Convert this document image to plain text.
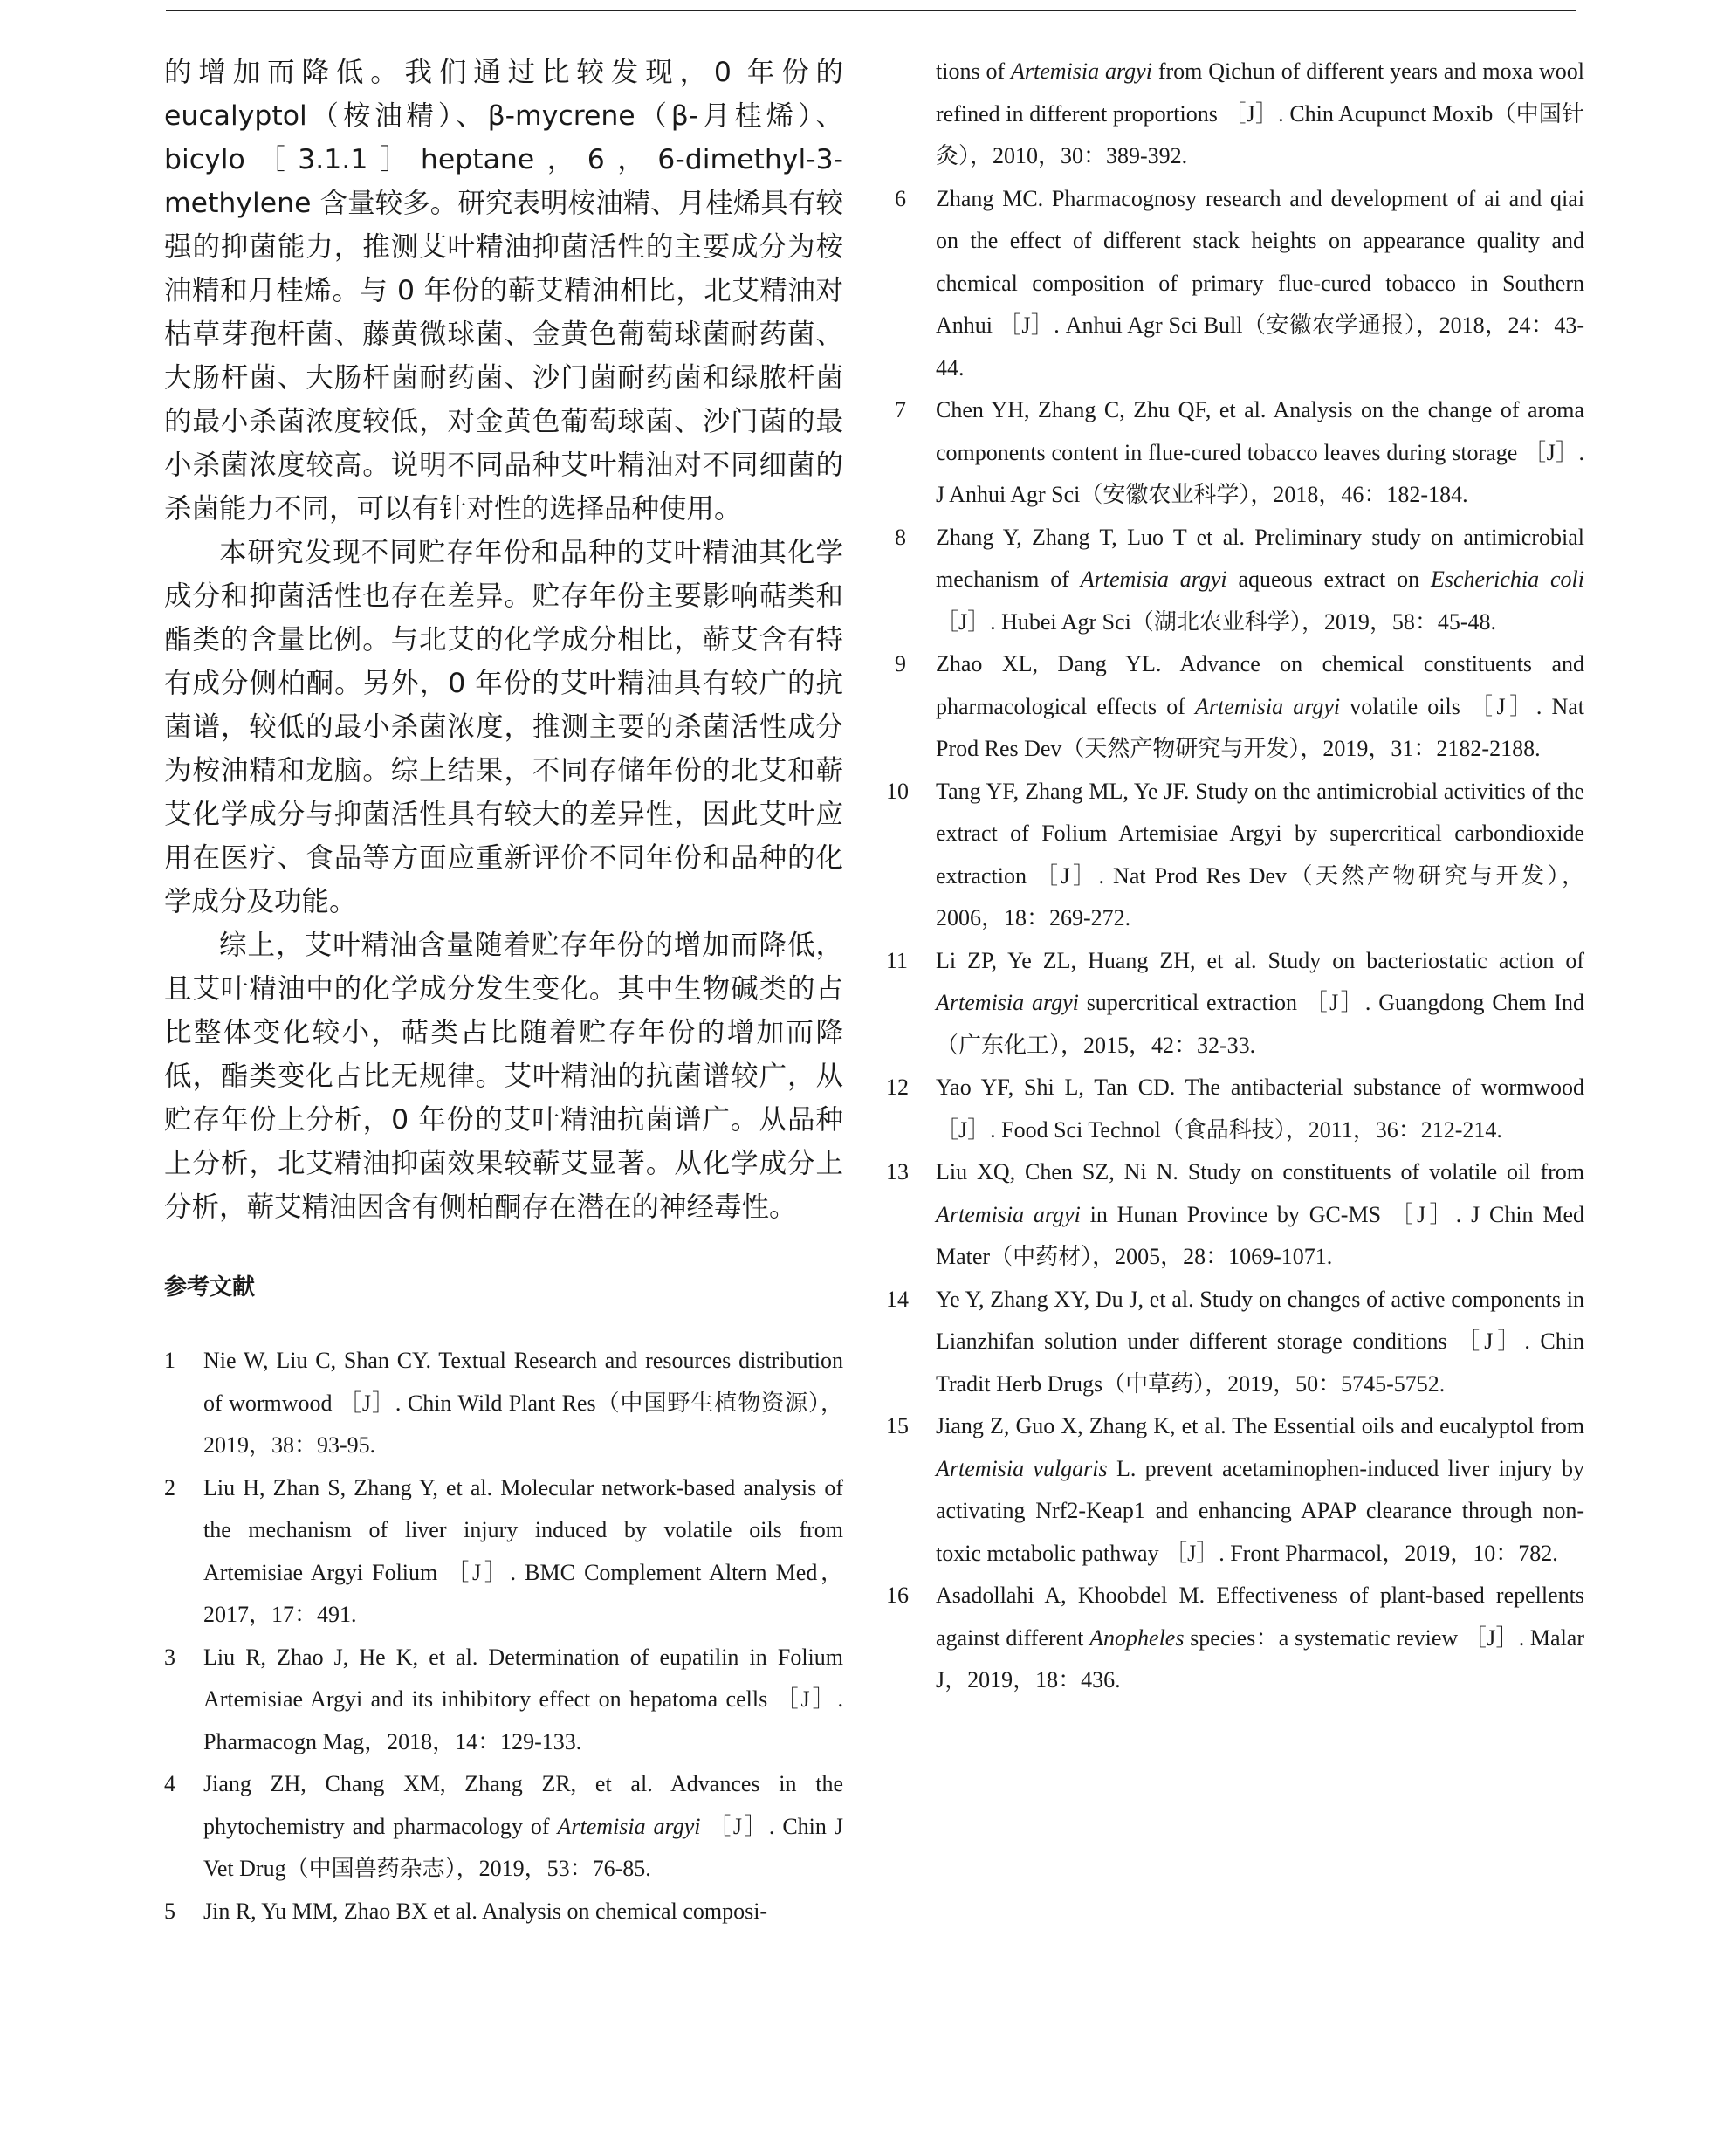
的增加而降低。我们通过比较发现，0 年份的 eucalyptol（桉油精）、β-mycrene（β-月桂烯）、bicylo［3.1.1］heptane，6，6-dimethyl-3-methylene 含量较多。研究表明桉油精、月桂烯具有较强的抑菌能力，推测艾叶精油抑菌活性的主要成分为桉油精和月桂烯。与 0 年份的蕲艾精油相比，北艾精油对枯草芽孢杆菌、藤黄微球菌、金黄色葡萄球菌耐药菌、大肠杆菌、大肠杆菌耐药菌、沙门菌耐药菌和绿脓杆菌的最小杀菌浓度较低，对金黄色葡萄球菌、沙门菌的最小杀菌浓度较高。说明不同品种艾叶精油对不同细菌的杀菌能力不同，可以有针对性的选择品种使用。

本研究发现不同贮存年份和品种的艾叶精油其化学成分和抑菌活性也存在差异。贮存年份主要影响萜类和酯类的含量比例。与北艾的化学成分相比，蕲艾含有特有成分侧柏酮。另外，0 年份的艾叶精油具有较广的抗菌谱，较低的最小杀菌浓度，推测主要的杀菌活性成分为桉油精和龙脑。综上结果，不同存储年份的北艾和蕲艾化学成分与抑菌活性具有较大的差异性，因此艾叶应用在医疗、食品等方面应重新评价不同年份和品种的化学成分及功能。

综上，艾叶精油含量随着贮存年份的增加而降低，且艾叶精油中的化学成分发生变化。其中生物碱类的占比整体变化较小，萜类占比随着贮存年份的增加而降低，酯类变化占比无规律。艾叶精油的抗菌谱较广，从贮存年份上分析，0 年份的艾叶精油抗菌谱广。从品种上分析，北艾精油抑菌效果较蕲艾显著。从化学成分上分析，蕲艾精油因含有侧柏酮存在潜在的神经毒性。

参考文献
1 Nie W, Liu C, Shan CY. Textual Research and resources distribution of wormwood ［J］. Chin Wild Plant Res（中国野生植物资源），2019，38：93-95.
2 Liu H, Zhan S, Zhang Y, et al. Molecular network-based analysis of the mechanism of liver injury induced by volatile oils from Artemisiae Argyi Folium ［J］. BMC Complement Altern Med，2017，17：491.
3 Liu R, Zhao J, He K, et al. Determination of eupatilin in Folium Artemisiae Argyi and its inhibitory effect on hepatoma cells ［J］. Pharmacogn Mag，2018，14：129-133.
4 Jiang ZH, Chang XM, Zhang ZR, et al. Advances in the phytochemistry and pharmacology of Artemisia argyi ［J］. Chin J Vet Drug（中国兽药杂志），2019，53：76-85.
5 Jin R, Yu MM, Zhao BX et al. Analysis on chemical composi-
tions of Artemisia argyi from Qichun of different years and moxa wool refined in different proportions ［J］. Chin Acupunct Moxib（中国针灸），2010，30：389-392.
6 Zhang MC. Pharmacognosy research and development of ai and qiai on the effect of different stack heights on appearance quality and chemical composition of primary flue-cured tobacco in Southern Anhui ［J］. Anhui Agr Sci Bull（安徽农学通报），2018，24：43-44.
7 Chen YH, Zhang C, Zhu QF, et al. Analysis on the change of aroma components content in flue-cured tobacco leaves during storage ［J］. J Anhui Agr Sci（安徽农业科学），2018，46：182-184.
8 Zhang Y, Zhang T, Luo T et al. Preliminary study on antimicrobial mechanism of Artemisia argyi aqueous extract on Escherichia coli ［J］. Hubei Agr Sci（湖北农业科学），2019，58：45-48.
9 Zhao XL, Dang YL. Advance on chemical constituents and pharmacological effects of Artemisia argyi volatile oils ［J］. Nat Prod Res Dev（天然产物研究与开发），2019，31：2182-2188.
10 Tang YF, Zhang ML, Ye JF. Study on the antimicrobial activities of the extract of Folium Artemisiae Argyi by supercritical carbondioxide extraction ［J］. Nat Prod Res Dev（天然产物研究与开发），2006，18：269-272.
11 Li ZP, Ye ZL, Huang ZH, et al. Study on bacteriostatic action of Artemisia argyi supercritical extraction ［J］. Guangdong Chem Ind（广东化工），2015，42：32-33.
12 Yao YF, Shi L, Tan CD. The antibacterial substance of wormwood ［J］. Food Sci Technol（食品科技），2011，36：212-214.
13 Liu XQ, Chen SZ, Ni N. Study on constituents of volatile oil from Artemisia argyi in Hunan Province by GC-MS ［J］. J Chin Med Mater（中药材），2005，28：1069-1071.
14 Ye Y, Zhang XY, Du J, et al. Study on changes of active components in Lianzhifan solution under different storage conditions ［J］. Chin Tradit Herb Drugs（中草药），2019，50：5745-5752.
15 Jiang Z, Guo X, Zhang K, et al. The Essential oils and eucalyptol from Artemisia vulgaris L. prevent acetaminophen-induced liver injury by activating Nrf2-Keap1 and enhancing APAP clearance through non-toxic metabolic pathway ［J］. Front Pharmacol，2019，10：782.
16 Asadollahi A, Khoobdel M. Effectiveness of plant-based repellents against different Anopheles species：a systematic review ［J］. Malar J，2019，18：436.
